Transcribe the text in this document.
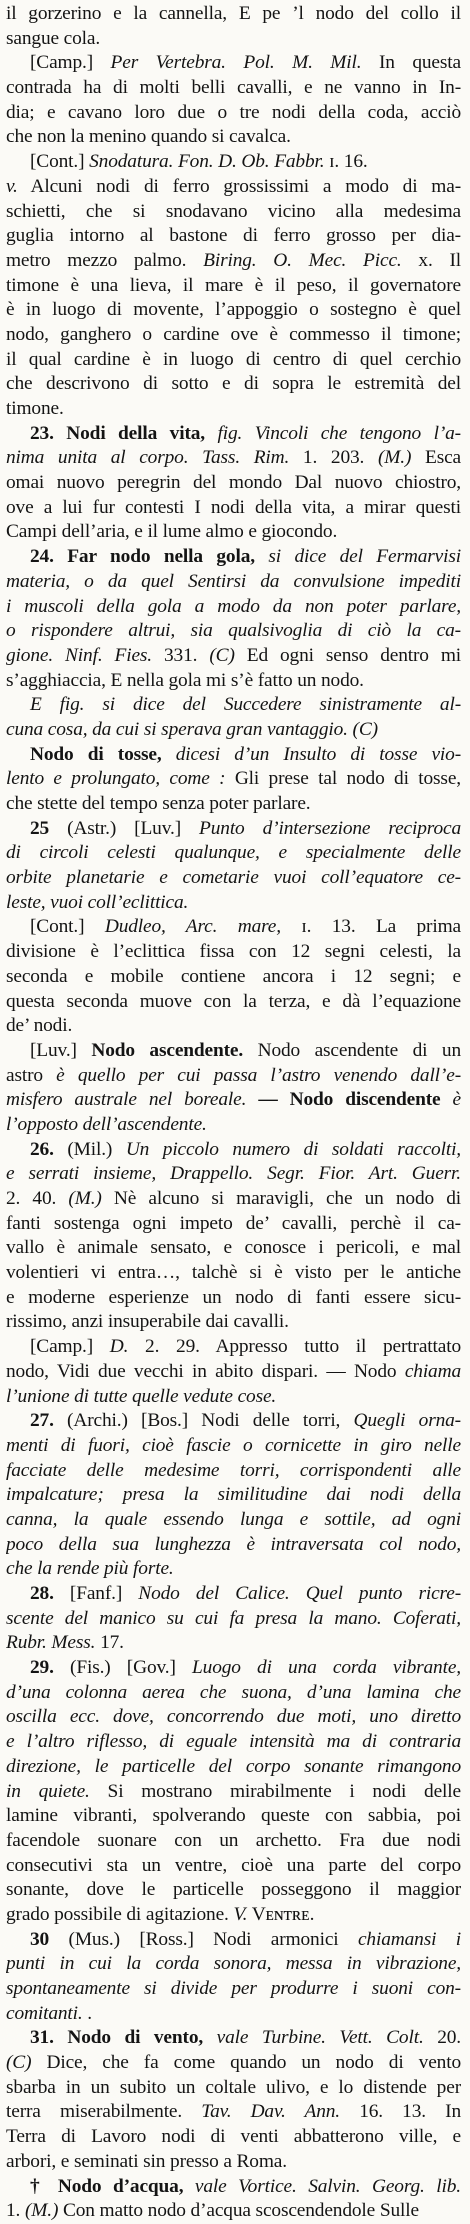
il gorzerino e la cannella, E pe ’l nodo del collo il
sangue cola.
[Camp.] Per Vertebra. Pol. M. Mil. In questa
contrada ha di molti belli cavalli, e ne vanno in In-
dia; e cavano loro due o tre nodi della coda, acciò
che non la menino quando si cavalca.
[Cont.] Snodatura. Fon. D. Ob. Fabbr. ɪ. 16.
v. Alcuni nodi di ferro grossissimi a modo di ma-
schietti, che si snodavano vicino alla medesima
guglia intorno al bastone di ferro grosso per dia-
metro mezzo palmo. Biring. O. Mec. Picc. x. Il
timone è una lieva, il mare è il peso, il governatore
è in luogo di movente, l’appoggio o sostegno è quel
nodo, ganghero o cardine ove è commesso il timone;
il qual cardine è in luogo di centro di quel cerchio
che descrivono di sotto e di sopra le estremità del
timone.
23. Nodi della vita, fig. Vincoli che tengono l’a-
nima unita al corpo. Tass. Rim. 1. 203. (M.) Esca
omai nuovo peregrin del mondo Dal nuovo chiostro,
ove a lui fur contesti I nodi della vita, a mirar questi
Campi dell’aria, e il lume almo e giocondo.
24. Far nodo nella gola, si dice del Fermarvisi
materia, o da quel Sentirsi da convulsione impediti
i muscoli della gola a modo da non poter parlare,
o rispondere altrui, sia qualsivoglia di ciò la ca-
gione. Ninf. Fies. 331. (C) Ed ogni senso dentro mi
s’agghiaccia, E nella gola mi s’è fatto un nodo.
E fig. si dice del Succedere sinistramente al-
cuna cosa, da cui si sperava gran vantaggio. (C)
Nodo di tosse, dicesi d’un Insulto di tosse vio-
lento e prolungato, come : Gli prese tal nodo di tosse,
che stette del tempo senza poter parlare.
25 (Astr.) [Luv.] Punto d’intersezione reciproca
di circoli celesti qualunque, e specialmente delle
orbite planetarie e cometarie vuoi coll’equatore ce-
leste, vuoi coll’eclittica.
[Cont.] Dudleo, Arc. mare, ɪ. 13. La prima
divisione è l’eclittica fissa con 12 segni celesti, la
seconda e mobile contiene ancora i 12 segni; e
questa seconda muove con la terza, e dà l’equazione
de’ nodi.
[Luv.] Nodo ascendente. Nodo ascendente di un
astro è quello per cui passa l’astro venendo dall’e-
misfero australe nel boreale. — Nodo discendente è
l’opposto dell’ascendente.
26. (Mil.) Un piccolo numero di soldati raccolti,
e serrati insieme, Drappello. Segr. Fior. Art. Guerr.
2. 40. (M.) Nè alcuno si maravigli, che un nodo di
fanti sostenga ogni impeto de’ cavalli, perchè il ca-
vallo è animale sensato, e conosce i pericoli, e mal
volentieri vi entra…, talchè si è visto per le antiche
e moderne esperienze un nodo di fanti essere sicu-
rissimo, anzi insuperabile dai cavalli.
[Camp.] D. 2. 29. Appresso tutto il pertrattato
nodo, Vidi due vecchi in abito dispari. — Nodo chiama
l’unione di tutte quelle vedute cose.
27. (Archi.) [Bos.] Nodi delle torri, Quegli orna-
menti di fuori, cioè fascie o cornicette in giro nelle
facciate delle medesime torri, corrispondenti alle
impalcature; presa la similitudine dai nodi della
canna, la quale essendo lunga e sottile, ad ogni
poco della sua lunghezza è intraversata col nodo,
che la rende più forte.
28. [Fanf.] Nodo del Calice. Quel punto ricre-
scente del manico su cui fa presa la mano. Coferati,
Rubr. Mess. 17.
29. (Fis.) [Gov.] Luogo di una corda vibrante,
d’una colonna aerea che suona, d’una lamina che
oscilla ecc. dove, concorrendo due moti, uno diretto
e l’altro riflesso, di eguale intensità ma di contraria
direzione, le particelle del corpo sonante rimangono
in quiete. Si mostrano mirabilmente i nodi delle
lamine vibranti, spolverando queste con sabbia, poi
facendole suonare con un archetto. Fra due nodi
consecutivi sta un ventre, cioè una parte del corpo
sonante, dove le particelle posseggono il maggior
grado possibile di agitazione. V. Vᴇɴᴛʀᴇ.
30 (Mus.) [Ross.] Nodi armonici chiamansi i
punti in cui la corda sonora, messa in vibrazione,
spontaneamente si divide per produrre i suoni con-
comitanti. .
31. Nodo di vento, vale Turbine. Vett. Colt. 20.
(C) Dice, che fa come quando un nodo di vento
sbarba in un subito un coltale ulivo, e lo distende per
terra miserabilmente. Tav. Dav. Ann. 16. 13. In
Terra di Lavoro nodi di venti abbatterono ville, e
arbori, e seminati sin presso a Roma.
† Nodo d’acqua, vale Vortice. Salvin. Georg. lib.
1. (M.) Con matto nodo d’acqua scoscendendole Sulle
